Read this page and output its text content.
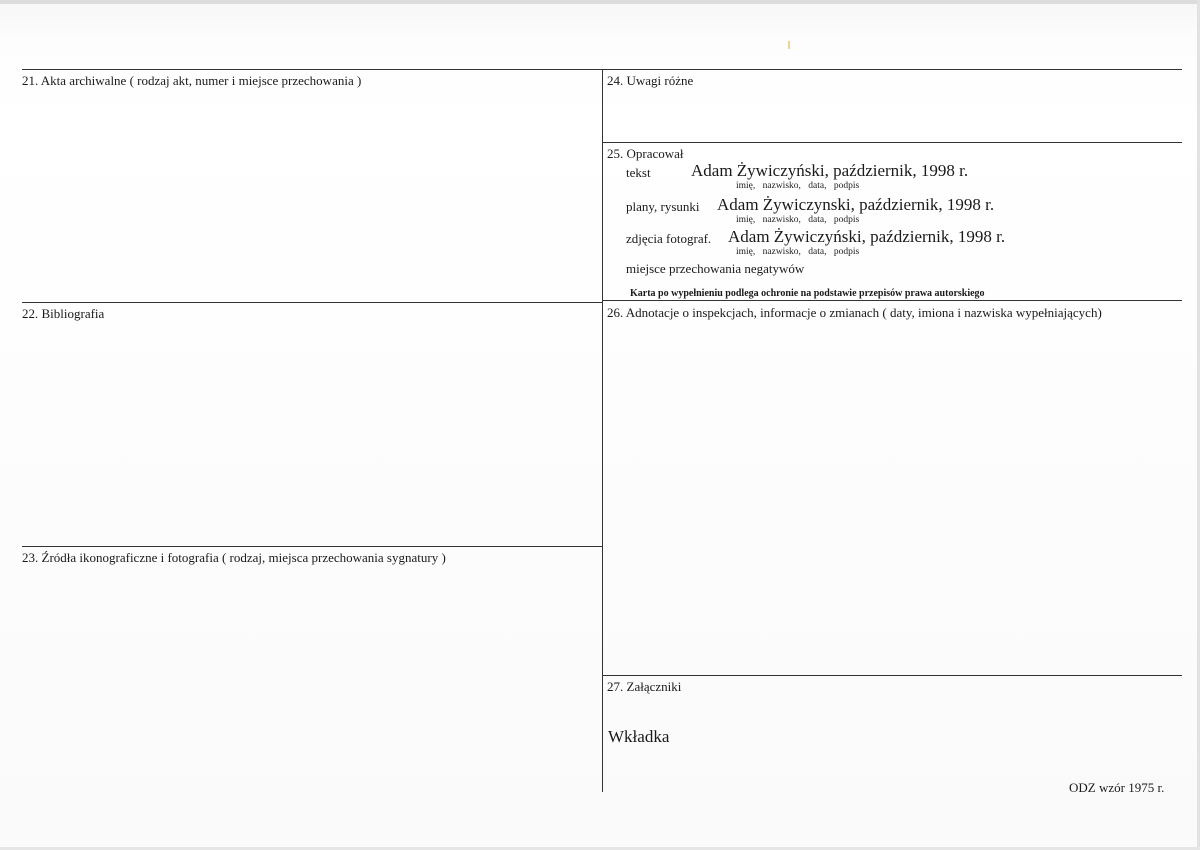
21. Akta archiwalne ( rodzaj akt, numer i miejsce przechowania )
22. Bibliografia
23. Źródła ikonograficzne i fotografia ( rodzaj, miejsca przechowania sygnatury )
24. Uwagi różne
25. Opracował
tekst Adam Żywiczyński, październik, 1998 r.
imię, nazwisko, data, podpis
plany, rysunki Adam Żywiczynski, październik, 1998 r.
imię, nazwisko, data, podpis
zdjęcia fotograf. Adam Żywiczyński, październik, 1998 r.
imię, nazwisko, data, podpis
miejsce przechowania negatywów
Karta po wypełnieniu podlega ochronie na podstawie przepisów prawa autorskiego
26. Adnotacje o inspekcjach, informacje o zmianach ( daty, imiona i nazwiska wypełniających)
27. Załączniki
Wkładka
ODZ wzór 1975 r.
